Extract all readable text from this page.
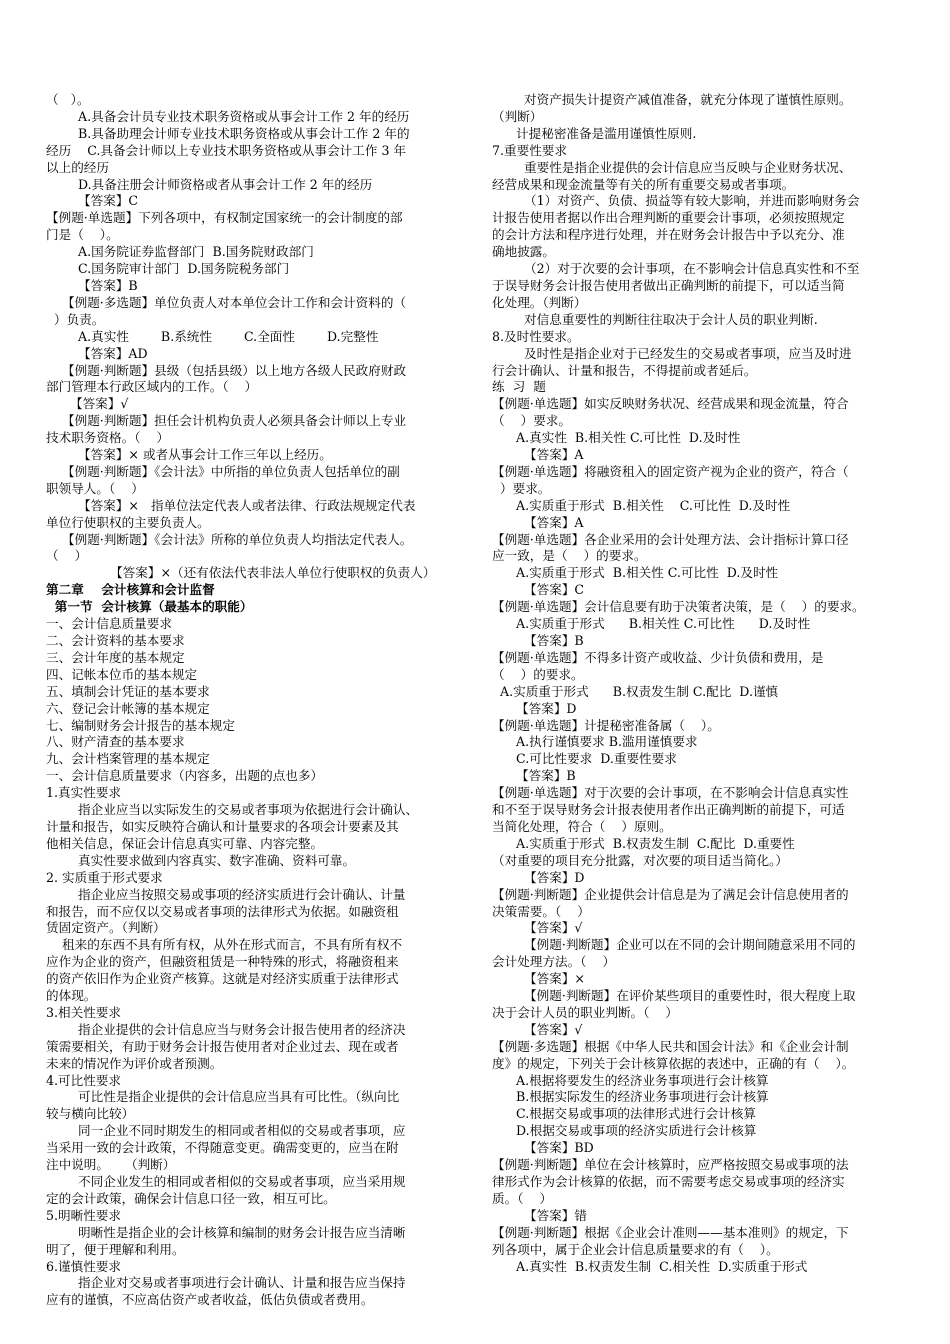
（   ）。
A.具备会计员专业技术职务资格或从事会计工作 2 年的经历
B.具备助理会计师专业技术职务资格或从事会计工作 2 年的
经历    C.具备会计师以上专业技术职务资格或从事会计工作 3 年
以上的经历
D.具备注册会计师资格或者从事会计工作 2 年的经历
【答案】C
【例题·单选题】下列各项中，有权制定国家统一的会计制度的部
门是（    ）。
A.国务院证券监督部门  B.国务院财政部门
C.国务院审计部门  D.国务院税务部门
【答案】B
【例题·多选题】单位负责人对本单位会计工作和会计资料的（
）负责。
A.真实性        B.系统性        C.全面性        D.完整性
【答案】AD
【例题·判断题】县级（包括县级）以上地方各级人民政府财政
部门管理本行政区域内的工作。（    ）
【答案】√
【例题·判断题】担任会计机构负责人必须具备会计师以上专业
技术职务资格。（    ）
【答案】× 或者从事会计工作三年以上经历。
【例题·判断题】《会计法》中所指的单位负责人包括单位的副
职领导人。（    ）
【答案】×   指单位法定代表人或者法律、行政法规规定代表
单位行使职权的主要负责人。
【例题·判断题】《会计法》所称的单位负责人均指法定代表人。
（    ）
【答案】×（还有依法代表非法人单位行使职权的负责人）
第二章    会计核算和会计监督
第一节  会计核算（最基本的职能）
一、会计信息质量要求
二、会计资料的基本要求
三、会计年度的基本规定
四、记帐本位币的基本规定
五、填制会计凭证的基本要求
六、登记会计帐簿的基本规定
七、编制财务会计报告的基本规定
八、财产清查的基本要求
九、会计档案管理的基本规定
一、会计信息质量要求（内容多，出题的点也多）
1.真实性要求
指企业应当以实际发生的交易或者事项为依据进行会计确认、
计量和报告，如实反映符合确认和计量要求的各项会计要素及其
他相关信息，保证会计信息真实可靠、内容完整。
真实性要求做到内容真实、数字准确、资料可靠。
2. 实质重于形式要求
指企业应当按照交易或事项的经济实质进行会计确认、计量
和报告，而不应仅以交易或者事项的法律形式为依据。如融资租
赁固定资产。（判断）
租来的东西不具有所有权，从外在形式而言，不具有所有权不
应作为企业的资产，但融资租赁是一种特殊的形式，将融资租来
的资产依旧作为企业资产核算。这就是对经济实质重于法律形式
的体现。
3.相关性要求
指企业提供的会计信息应当与财务会计报告使用者的经济决
策需要相关，有助于财务会计报告使用者对企业过去、现在或者
未来的情况作为评价或者预测。
4.可比性要求
可比性是指企业提供的会计信息应当具有可比性。（纵向比
较与横向比较）
同一企业不同时期发生的相同或者相似的交易或者事项，应
当采用一致的会计政策，不得随意变更。确需变更的，应当在附
注中说明。    （判断）
不同企业发生的相同或者相似的交易或者事项，应当采用规
定的会计政策，确保会计信息口径一致，相互可比。
5.明晰性要求
明晰性是指企业的会计核算和编制的财务会计报告应当清晰
明了，便于理解和利用。
6.谨慎性要求
指企业对交易或者事项进行会计确认、计量和报告应当保持
应有的谨慎，不应高估资产或者收益，低估负债或者费用。
对资产损失计提资产减值准备，就充分体现了谨慎性原则。
（判断）
计提秘密准备是滥用谨慎性原则.
7.重要性要求
重要性是指企业提供的会计信息应当反映与企业财务状况、
经营成果和现金流量等有关的所有重要交易或者事项。
（1）对资产、负债、损益等有较大影响，并进而影响财务会
计报告使用者据以作出合理判断的重要会计事项，必须按照规定
的会计方法和程序进行处理，并在财务会计报告中予以充分、准
确地披露。
（2）对于次要的会计事项，在不影响会计信息真实性和不至
于误导财务会计报告使用者做出正确判断的前提下，可以适当简
化处理。（判断）
对信息重要性的判断往往取决于会计人员的职业判断.
8.及时性要求。
及时性是指企业对于已经发生的交易或者事项，应当及时进
行会计确认、计量和报告，不得提前或者延后。
练  习  题
【例题·单选题】如实反映财务状况、经营成果和现金流量，符合
（    ）要求。
A.真实性  B.相关性 C.可比性  D.及时性
【答案】A
【例题·单选题】将融资租入的固定资产视为企业的资产，符合（
）要求。
A.实质重于形式  B.相关性    C.可比性  D.及时性
【答案】A
【例题·单选题】各企业采用的会计处理方法、会计指标计算口径
应一致，是（    ）的要求。
A.实质重于形式  B.相关性 C.可比性  D.及时性
【答案】C
【例题·单选题】会计信息要有助于决策者决策，是（    ）的要求。
A.实质重于形式      B.相关性 C.可比性      D.及时性
【答案】B
【例题·单选题】不得多计资产或收益、少计负债和费用，是
（    ）的要求。
A.实质重于形式      B.权责发生制 C.配比  D.谨慎
【答案】D
【例题·单选题】计提秘密准备属（    ）。
A.执行谨慎要求 B.滥用谨慎要求
C.可比性要求  D.重要性要求
【答案】B
【例题·单选题】对于次要的会计事项，在不影响会计信息真实性
和不至于误导财务会计报表使用者作出正确判断的前提下，可适
当简化处理，符合（    ）原则。
A.实质重于形式  B.权责发生制  C.配比  D.重要性
（对重要的项目充分批露，对次要的项目适当简化。）
【答案】D
【例题·判断题】企业提供会计信息是为了满足会计信息使用者的
决策需要。（    ）
【答案】√
【例题·判断题】企业可以在不同的会计期间随意采用不同的
会计处理方法。（    ）
【答案】×
【例题·判断题】在评价某些项目的重要性时，很大程度上取
决于会计人员的职业判断。（    ）
【答案】√
【例题·多选题】根据《中华人民共和国会计法》和《企业会计制
度》的规定，下列关于会计核算依据的表述中，正确的有（    ）。
A.根据将要发生的经济业务事项进行会计核算
B.根据实际发生的经济业务事项进行会计核算
C.根据交易或事项的法律形式进行会计核算
D.根据交易或事项的经济实质进行会计核算
【答案】BD
【例题·判断题】单位在会计核算时，应严格按照交易或事项的法
律形式作为会计核算的依据，而不需要考虑交易或事项的经济实
质。（    ）
【答案】错
【例题·判断题】根据《企业会计准则——基本准则》的规定，下
列各项中，属于企业会计信息质量要求的有（    ）。
A.真实性  B.权责发生制  C.相关性  D.实质重于形式
